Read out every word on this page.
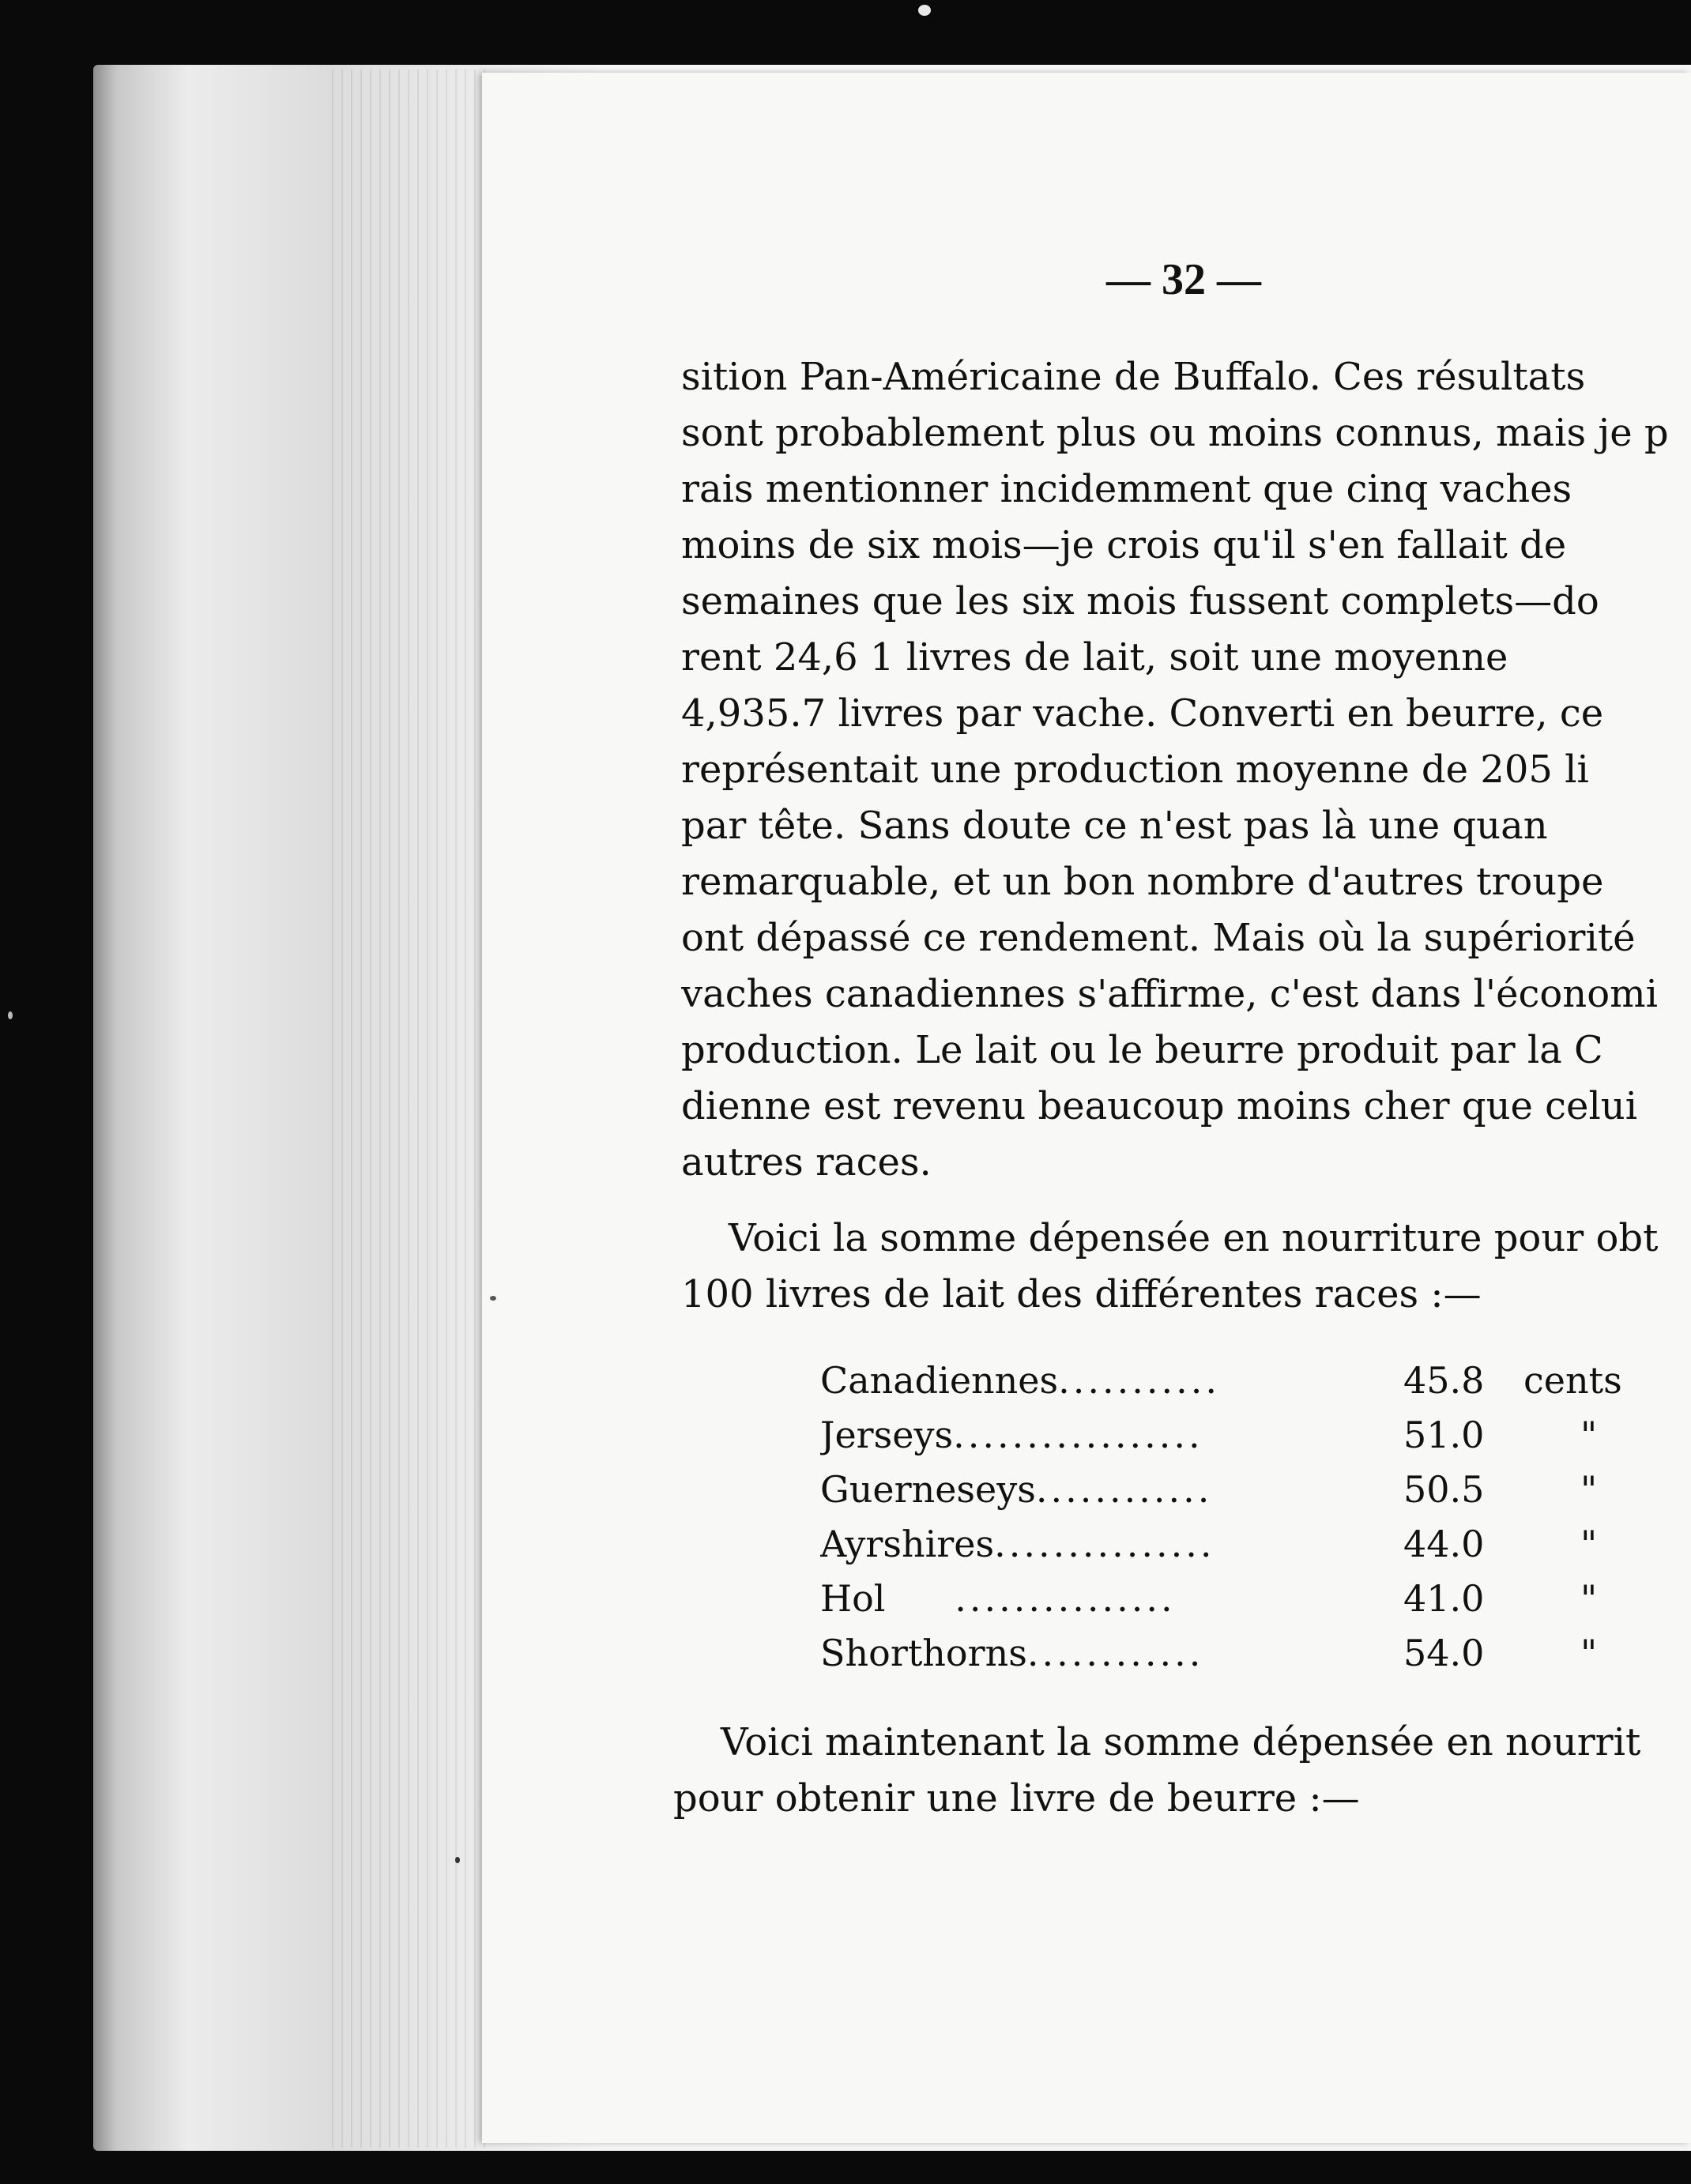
— 32 —
sition Pan-Américaine de Buffalo. Ces résultats
sont probablement plus ou moins connus, mais je p
rais mentionner incidemment que cinq vaches
moins de six mois—je crois qu'il s'en fallait de
semaines que les six mois fussent complets—do
rent 24,6 1 livres de lait, soit une moyenne
4,935.7 livres par vache. Converti en beurre, ce
représentait une production moyenne de 205 li
par tête. Sans doute ce n'est pas là une quan
remarquable, et un bon nombre d'autres troupe
ont dépassé ce rendement. Mais où la supériorité
vaches canadiennes s'affirme, c'est dans l'économi
production. Le lait ou le beurre produit par la C
dienne est revenu beaucoup moins cher que celui
autres races.
Voici la somme dépensée en nourriture pour obt
100 livres de lait des différentes races :—
Canadiennes...........	45.8 cents
Jerseys.................	51.0	"
Guerneseys............	50.5	"
Ayrshires...............	44.0	"
Hol ...............	41.0	"
Shorthorns............	54.0	"
Voici maintenant la somme dépensée en nourrit
pour obtenir une livre de beurre :—
